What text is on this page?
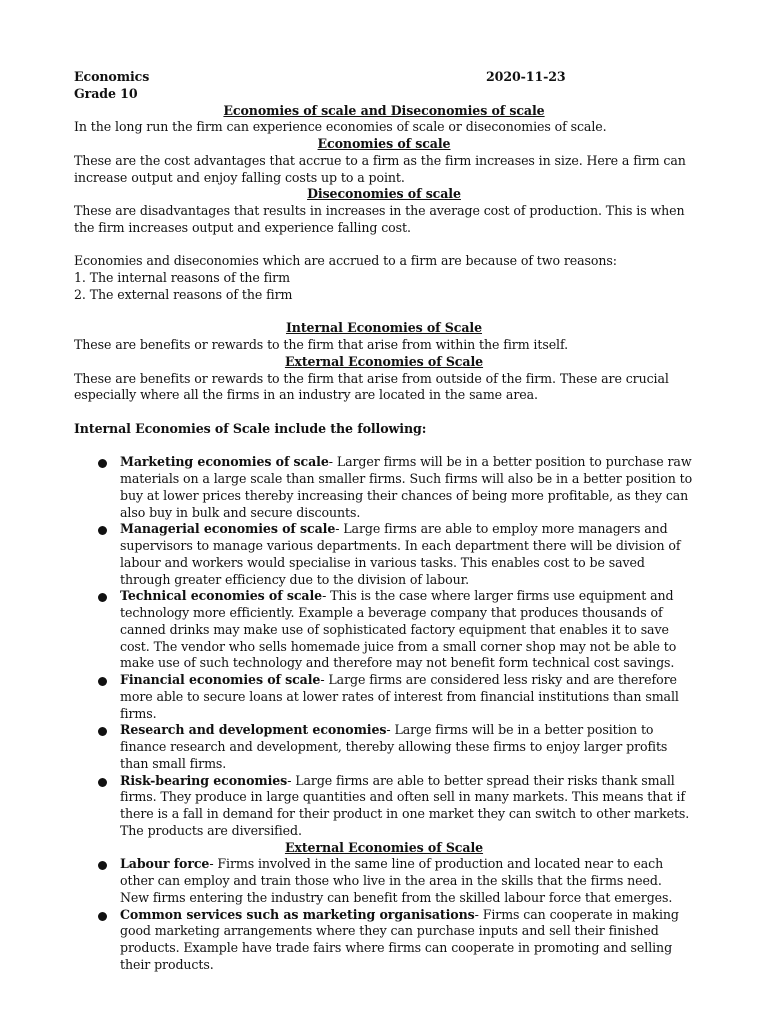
Economics	2020-11-23
Grade 10
Economies of scale and Diseconomies of scale

In the long run the firm can experience economies of scale or diseconomies of scale.

Economies of scale

These are the cost advantages that accrue to a firm as the firm increases in size. Here a firm can increase output and enjoy falling costs up to a point.

Diseconomies of scale

These are disadvantages that results in increases in the average cost of production. This is when the firm increases output and experience falling cost.

Economies and diseconomies which are accrued to a firm are because of two reasons:

1. The internal reasons of the firm

2. The external reasons of the firm

Internal Economies of Scale

These are benefits or rewards to the firm that arise from within the firm itself.

External Economies of Scale

These are benefits or rewards to the firm that arise from outside of the firm. These are crucial especially where all the firms in an industry are located in the same area.

Internal Economies of Scale include the following:
Marketing economies of scale- Larger firms will be in a better position to purchase raw materials on a large scale than smaller firms. Such firms will also be in a better position to buy at lower prices thereby increasing their chances of being more profitable, as they can also buy in bulk and secure discounts.
Managerial economies of scale- Large firms are able to employ more managers and supervisors to manage various departments. In each department there will be division of labour and workers would specialise in various tasks. This enables cost to be saved through greater efficiency due to the division of labour.
Technical economies of scale- This is the case where larger firms use equipment and technology more efficiently. Example a beverage company that produces thousands of canned drinks may make use of sophisticated factory equipment that enables it to save cost. The vendor who sells homemade juice from a small corner shop may not be able to make use of such technology and therefore may not benefit form technical cost savings.
Financial economies of scale- Large firms are considered less risky and are therefore more able to secure loans at lower rates of interest from financial institutions than small firms.
Research and development economies- Large firms will be in a better position to finance research and development, thereby allowing these firms to enjoy larger profits than small firms.
Risk-bearing economies- Large firms are able to better spread their risks thank small firms. They produce in large quantities and often sell in many markets. This means that if there is a fall in demand for their product in one market they can switch to other markets. The products are diversified.
External Economies of Scale
Labour force- Firms involved in the same line of production and located near to each other can employ and train those who live in the area in the skills that the firms need. New firms entering the industry can benefit from the skilled labour force that emerges.
Common services such as marketing organisations- Firms can cooperate in making good marketing arrangements where they can purchase inputs and sell their finished products. Example have trade fairs where firms can cooperate in promoting and selling their products.
